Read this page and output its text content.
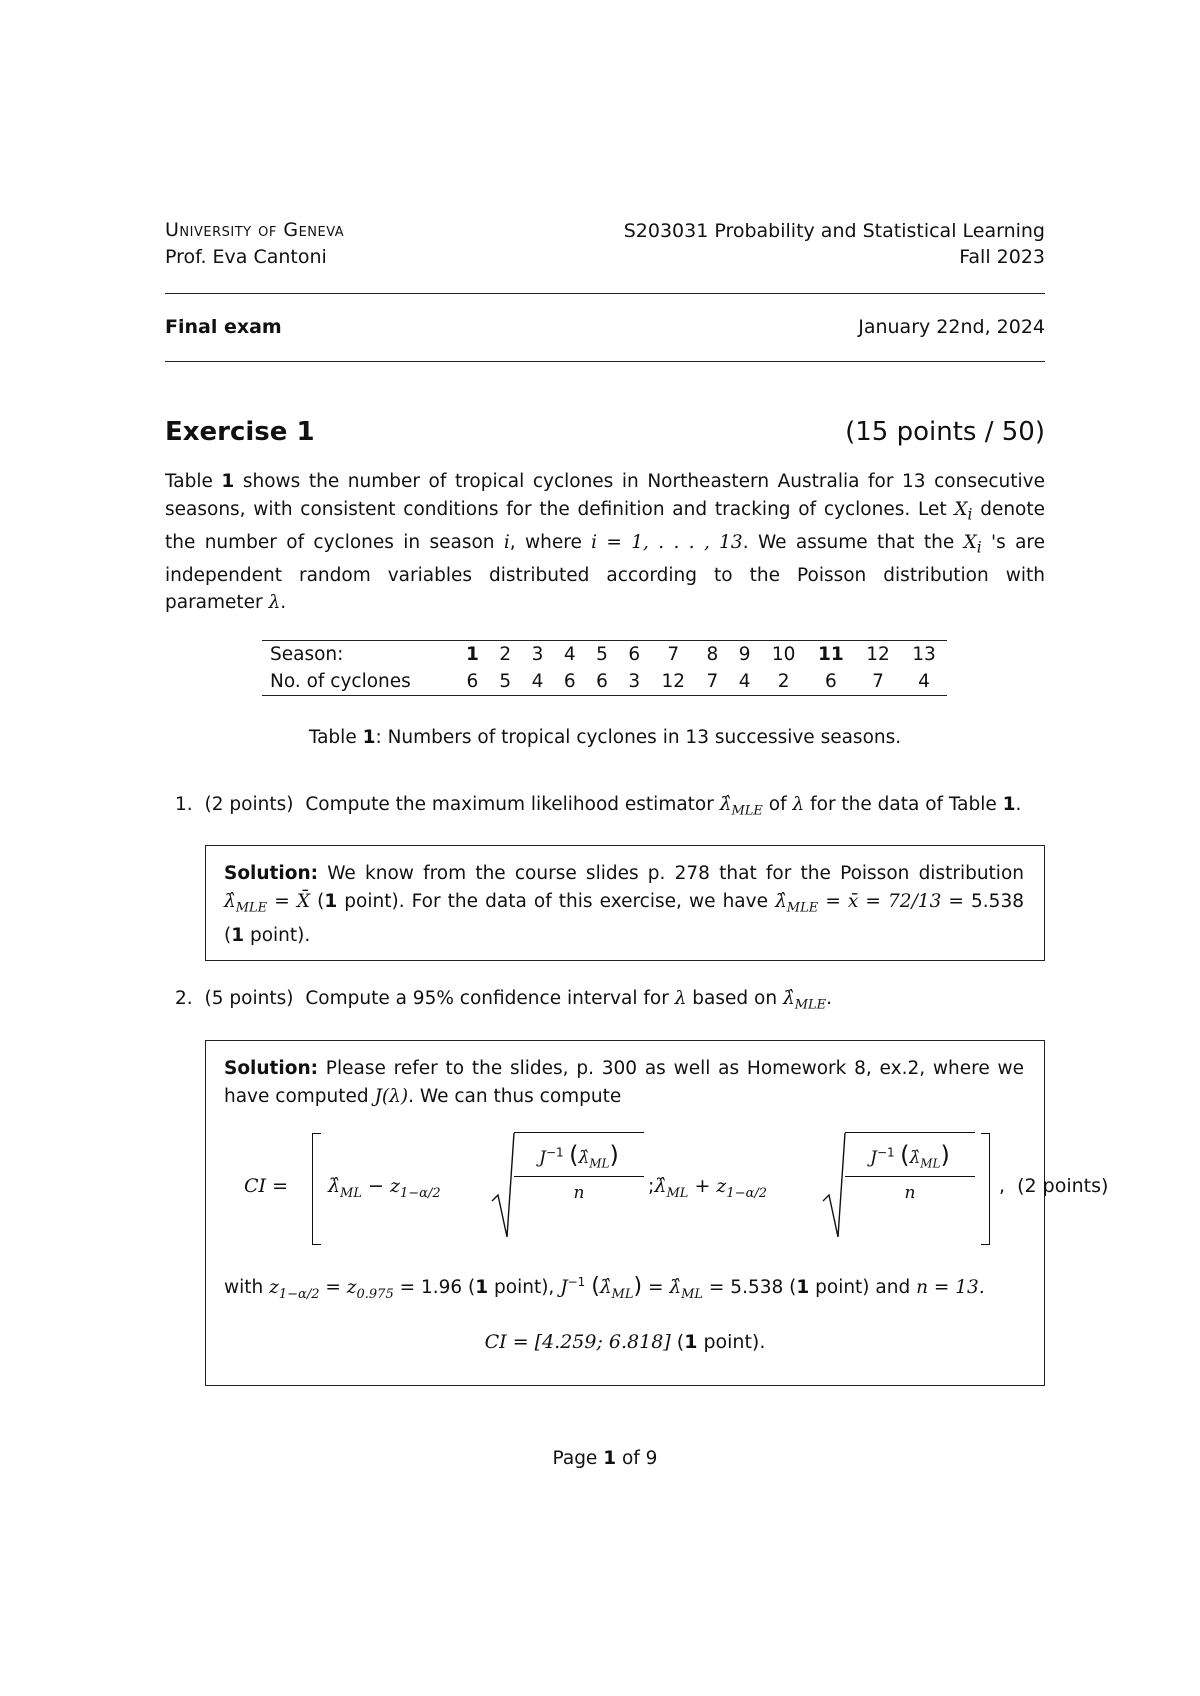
University of Geneva
Prof. Eva Cantoni
S203031 Probability and Statistical Learning
Fall 2023
Final exam	January 22nd, 2024
Exercise 1	(15 points / 50)
Table 1 shows the number of tropical cyclones in Northeastern Australia for 13 consecutive seasons, with consistent conditions for the definition and tracking of cyclones. Let $X_i$ denote the number of cyclones in season i, where i = 1, . . . , 13. We assume that the $X_i$ 's are independent random variables distributed according to the Poisson distribution with parameter λ.
Season:	1	2	3	4	5	6	7	8	9	10	11	12	13
No. of cyclones	6	5	4	6	6	3	12	7	4	2	6	7	4
Table 1: Numbers of tropical cyclones in 13 successive seasons.
1. (2 points) Compute the maximum likelihood estimator $\lambdâ_{MLE}$ of λ for the data of Table 1.
Solution: We know from the course slides p. 278 that for the Poisson distribution $\lambdâ_{MLE}$ = X̄ (1 point). For the data of this exercise, we have $\lambdâ_{MLE}$ = x̄ = 72/13 = 5.538 (1 point).
2. (5 points) Compute a 95% confidence interval for λ based on $\lambdâ_{MLE}$.
Solution: Please refer to the slides, p. 300 as well as Homework 8, ex.2, where we have computed J(λ). We can thus compute
CI = $\lambdâ_{ML} - z_{1-\alpha/2}$	$\frac{J^{-1} (\lambdâ_{ML})}{n}$ $;\lambdâ_{ML} + z_{1-\alpha/2}$	$\frac{J^{-1} (\lambdâ_{ML})}{n}$ , (2 points)
with $z_{1-\alpha/2} = z_{0.975} = 1.96$ (1 point), $J^{-1}$ $(\lambdâ_{ML})$ = $\lambdâ_{ML} = 5.538$ (1 point) and n = 13.
CI = [4.259; 6.818] (1 point).
Page 1 of 9
